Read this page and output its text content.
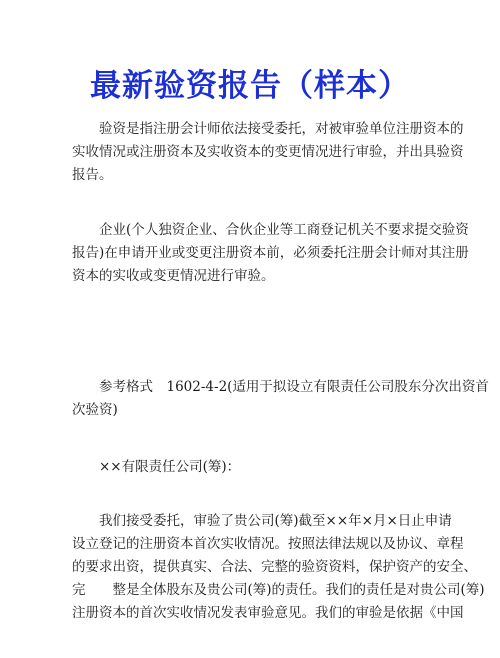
最新验资报告（样本）
验资是指注册会计师依法接受委托，对被审验单位注册资本的
实收情况或注册资本及实收资本的变更情况进行审验，并出具验资
报告。
企业(个人独资企业、合伙企业等工商登记机关不要求提交验资
报告)在申请开业或变更注册资本前，必须委托注册会计师对其注册
资本的实收或变更情况进行审验。
参考格式　1602-4-2(适用于拟设立有限责任公司股东分次出资首
次验资)
××有限责任公司(筹)：
我们接受委托，审验了贵公司(筹)截至××年×月×日止申请
设立登记的注册资本首次实收情况。按照法律法规以及协议、章程
的要求出资，提供真实、合法、完整的验资资料，保护资产的安全、
完　　整是全体股东及贵公司(筹)的责任。我们的责任是对贵公司(筹)
注册资本的首次实收情况发表审验意见。我们的审验是依据《中国
